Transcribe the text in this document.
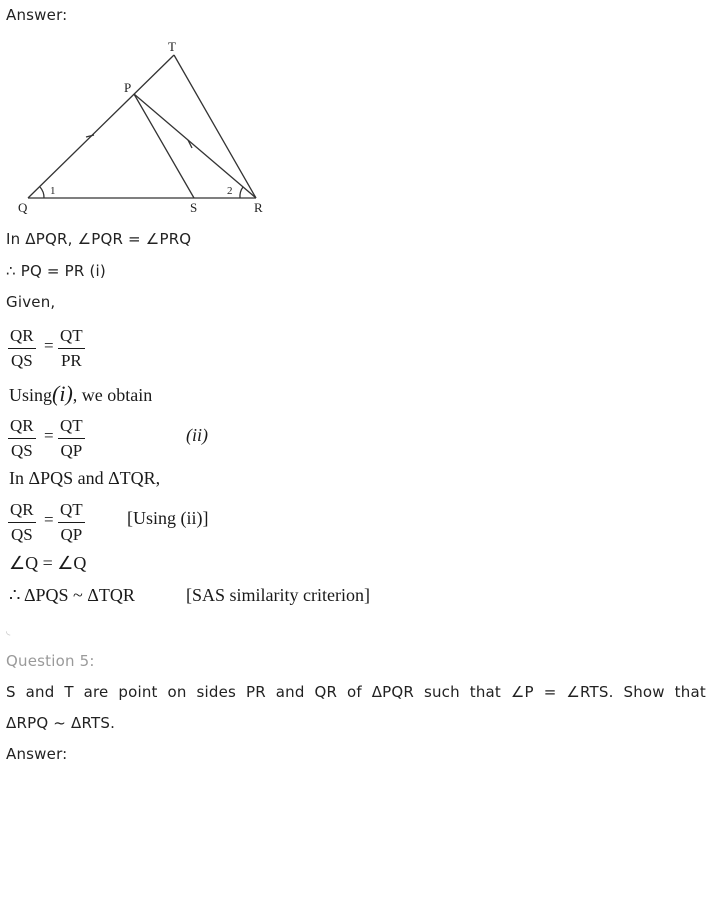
Answer:
T
P
Q	S	R
1	2
In ΔPQR, ∠PQR = ∠PRQ
∴ PQ = PR (i)
Given,
$\frac{QR}{QS} = \frac{QT}{PR}$
Using(i), we obtain
$\frac{QR}{QS} = \frac{QT}{QP}$	(ii)
In ΔPQS and ΔTQR,
$\frac{QR}{QS} = \frac{QT}{QP} [Using$ (ii)]
∠Q = ∠Q
∴ ΔPQS ~ ΔTQR	[SAS similarity criterion]
◟
Question 5:
S and T are point on sides PR and QR of ΔPQR such that ∠P = ∠RTS. Show that
ΔRPQ ~ ΔRTS.
Answer:
